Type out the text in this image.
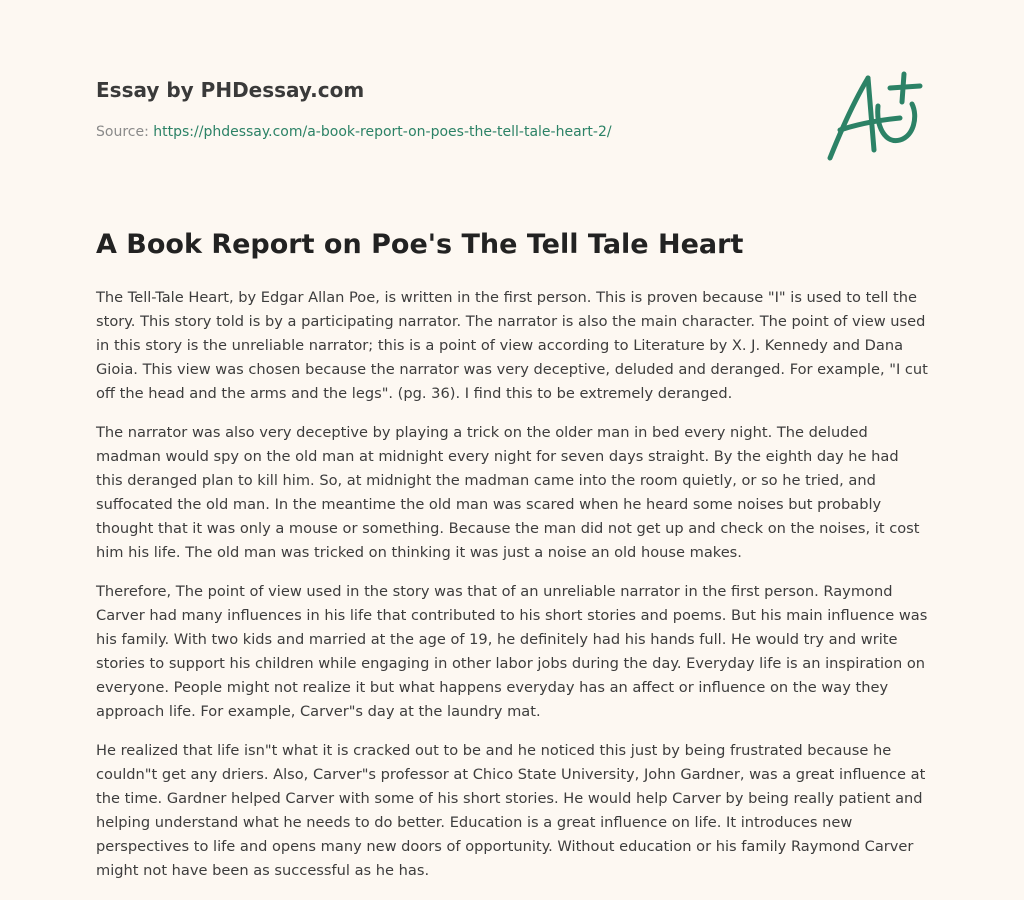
Essay by PHDessay.com
Source: https://phdessay.com/a-book-report-on-poes-the-tell-tale-heart-2/
A Book Report on Poe's The Tell Tale Heart

The Tell-Tale Heart, by Edgar Allan Poe, is written in the first person. This is proven because "I" is used to tell the story. This story told is by a participating narrator. The narrator is also the main character. The point of view used in this story is the unreliable narrator; this is a point of view according to Literature by X. J. Kennedy and Dana Gioia. This view was chosen because the narrator was very deceptive, deluded and deranged. For example, "I cut off the head and the arms and the legs". (pg. 36). I find this to be extremely deranged.

The narrator was also very deceptive by playing a trick on the older man in bed every night. The deluded madman would spy on the old man at midnight every night for seven days straight. By the eighth day he had this deranged plan to kill him. So, at midnight the madman came into the room quietly, or so he tried, and suffocated the old man. In the meantime the old man was scared when he heard some noises but probably thought that it was only a mouse or something. Because the man did not get up and check on the noises, it cost him his life. The old man was tricked on thinking it was just a noise an old house makes.

Therefore, The point of view used in the story was that of an unreliable narrator in the first person. Raymond Carver had many influences in his life that contributed to his short stories and poems. But his main influence was his family. With two kids and married at the age of 19, he definitely had his hands full. He would try and write stories to support his children while engaging in other labor jobs during the day. Everyday life is an inspiration on everyone. People might not realize it but what happens everyday has an affect or influence on the way they approach life. For example, Carver"s day at the laundry mat.

He realized that life isn"t what it is cracked out to be and he noticed this just by being frustrated because he couldn"t get any driers. Also, Carver"s professor at Chico State University, John Gardner, was a great influence at the time. Gardner helped Carver with some of his short stories. He would help Carver by being really patient and helping understand what he needs to do better. Education is a great influence on life. It introduces new perspectives to life and opens many new doors of opportunity. Without education or his family Raymond Carver might not have been as successful as he has.
